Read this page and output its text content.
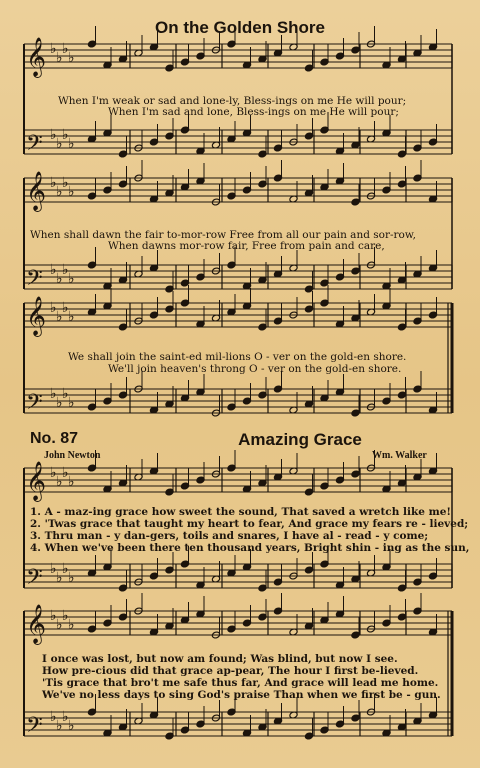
On the Golden Shore
𝄞 ♭
♭
♭
♭
𝄢 ♭
♭
♭
♭
𝄞 ♭
♭
♭
♭
𝄢 ♭
♭
♭
♭
𝄞 ♭
♭
♭
♭
𝄢 ♭
♭
♭
♭
𝄞 ♭
♭
♭
♭
𝄢 ♭
♭
♭
♭
𝄞 ♭
♭
♭
♭
𝄢 ♭
♭
♭
♭
When I'm weak or sad and lone-ly, Bless-ings on me He will pour;
When I'm sad and lone, Bless-ings on me He will pour;
When shall dawn the fair to-mor-row Free from all our pain and sor-row,
When dawns mor-row fair, Free from pain and care,
We shall join the saint-ed mil-lions O - ver on the gold-en shore.
We'll join heaven's throng O - ver on the gold-en shore.
No. 87	Amazing Grace
John Newton	Wm. Walker
1. A - maz-ing grace how sweet the sound, That saved a wretch like me!
2. 'Twas grace that taught my heart to fear, And grace my fears re - lieved;
3. Thru man - y dan-gers, toils and snares, I have al - read - y come;
4. When we've been there ten thousand years, Bright shin - ing as the sun,
I once was lost, but now am found; Was blind, but now I see.
How pre-cious did that grace ap-pear, The hour I first be-lieved.
'Tis grace that bro't me safe thus far, And grace will lead me home.
We've no less days to sing God's praise Than when we first be - gun.
